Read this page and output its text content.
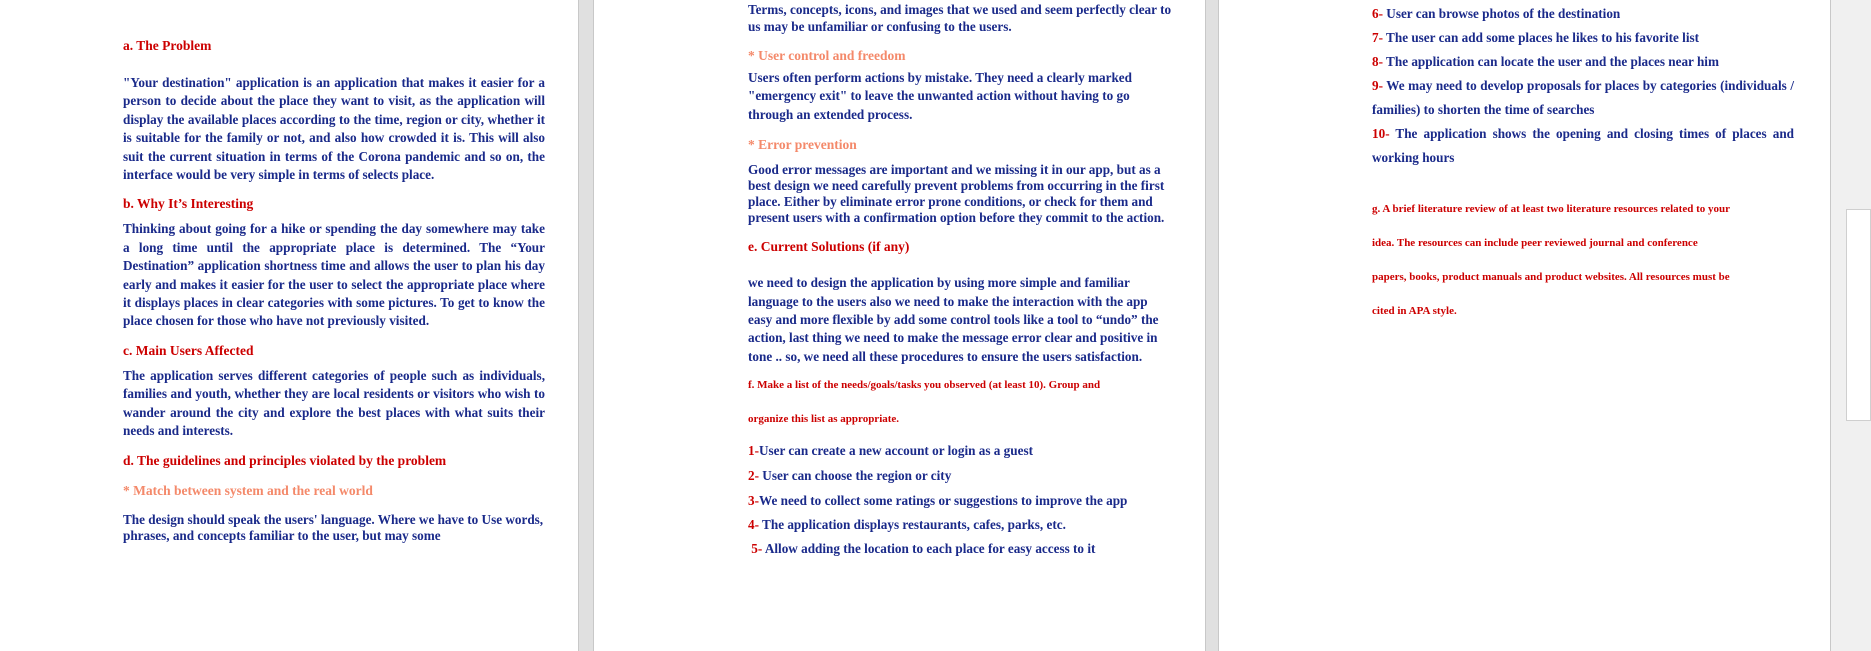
a. The Problem

"Your destination" application is an application that makes it easier for a person to decide about the place they want to visit, as the application will display the available places according to the time, region or city, whether it is suitable for the family or not, and also how crowded it is. This will also suit the current situation in terms of the Corona pandemic and so on, the interface would be very simple in terms of selects place.

b. Why It’s Interesting

Thinking about going for a hike or spending the day somewhere may take a long time until the appropriate place is determined. The “Your Destination” application shortness time and allows the user to plan his day early and makes it easier for the user to select the appropriate place where it displays places in clear categories with some pictures. To get to know the place chosen for those who have not previously visited.

c. Main Users Affected

The application serves different categories of people such as individuals, families and youth, whether they are local residents or visitors who wish to wander around the city and explore the best places with what suits their needs and interests.

d. The guidelines and principles violated by the problem

* Match between system and the real world

The design should speak the users' language. Where we have to Use words, phrases, and concepts familiar to the user, but may some

Terms, concepts, icons, and images that we used and seem perfectly clear to us may be unfamiliar or confusing to the users.

* User control and freedom

Users often perform actions by mistake. They need a clearly marked "emergency exit" to leave the unwanted action without having to go through an extended process.

* Error prevention

Good error messages are important and we missing it in our app, but as a best design we need carefully prevent problems from occurring in the first place. Either by eliminate error prone conditions, or check for them and present users with a confirmation option before they commit to the action.

e. Current Solutions (if any)

we need to design the application by using more simple and familiar language to the users also we need to make the interaction with the app easy and more flexible by add some control tools like a tool to “undo” the action, last thing we need to make the message error clear and positive in tone .. so, we need all these procedures to ensure the users satisfaction.

f. Make a list of the needs/goals/tasks you observed (at least 10). Group and

organize this list as appropriate.

1-User can create a new account or login as a guest

2- User can choose the region or city

3-We need to collect some ratings or suggestions to improve the app

4- The application displays restaurants, cafes, parks, etc.

5- Allow adding the location to each place for easy access to it

6- User can browse photos of the destination

7- The user can add some places he likes to his favorite list

8- The application can locate the user and the places near him

9- We may need to develop proposals for places by categories (individuals / families) to shorten the time of searches

10- The application shows the opening and closing times of places and working hours

g. A brief literature review of at least two literature resources related to your

idea. The resources can include peer reviewed journal and conference

papers, books, product manuals and product websites. All resources must be

cited in APA style.
